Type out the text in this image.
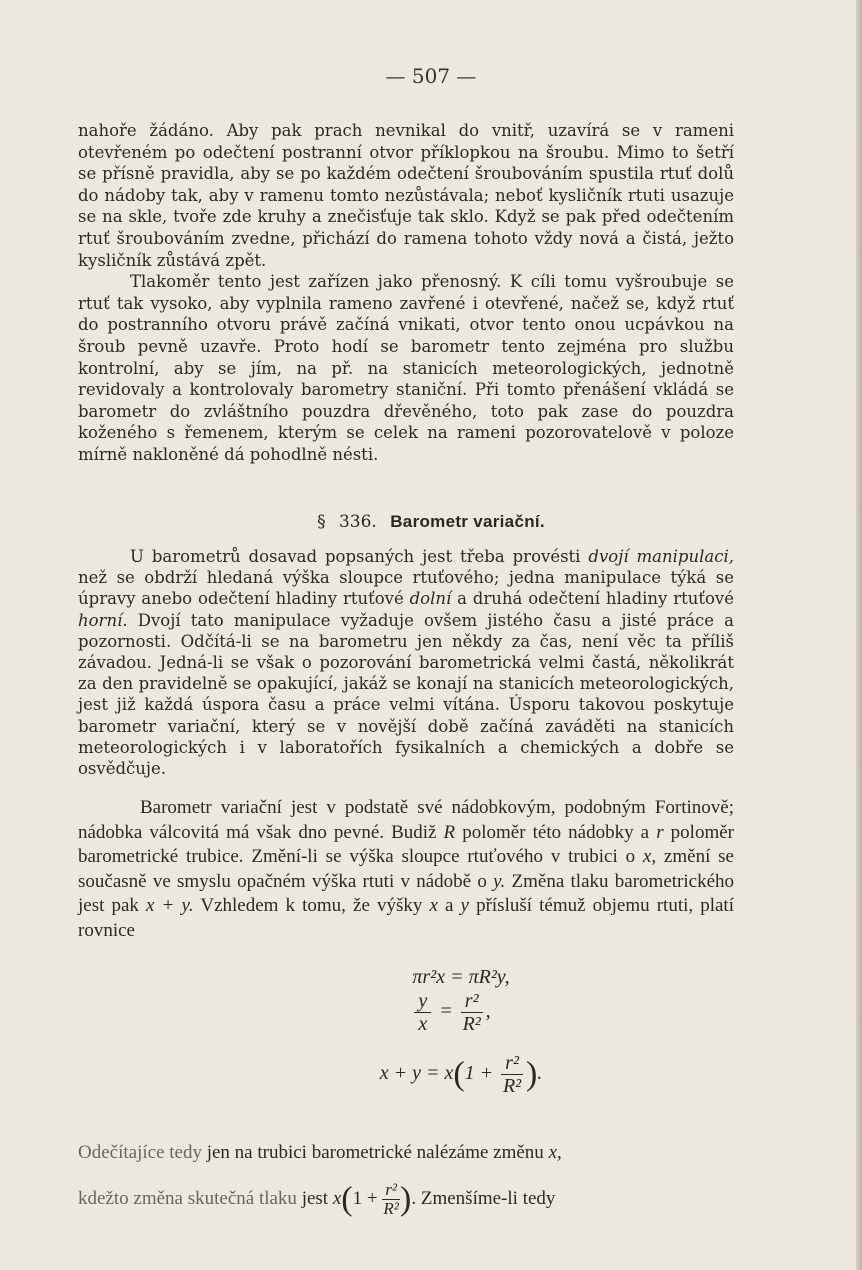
— 507 —
nahoře žádáno. Aby pak prach nevnikal do vnitř, uzavírá se v rameni otevřeném po odečtení postranní otvor příklopkou na šroubu. Mimo to šetří se přísně pravidla, aby se po každém odečtení šroubováním spustila rtuť dolů do nádoby tak, aby v ramenu tomto nezůstávala; neboť kysličník rtuti usazuje se na skle, tvoře zde kruhy a znečisťuje tak sklo. Když se pak před odečtením rtuť šroubováním zvedne, přichází do ramena tohoto vždy nová a čistá, ježto kysličník zůstává zpět.
Tlakoměr tento jest zařízen jako přenosný. K cíli tomu vyšroubuje se rtuť tak vysoko, aby vyplnila rameno zavřené i otevřené, načež se, když rtuť do postranního otvoru právě začíná vnikati, otvor tento onou ucpávkou na šroub pevně uzavře. Proto hodí se barometr tento zejména pro službu kontrolní, aby se jím, na př. na stanicích meteorologických, jednotně revidovaly a kontrolovaly barometry staniční. Při tomto přenášení vkládá se barometr do zvláštního pouzdra dřevěného, toto pak zase do pouzdra koženého s řemenem, kterým se celek na rameni pozorovatelově v poloze mírně nakloněné dá pohodlně nésti.
§ 336. Barometr variační.
U barometrů dosavad popsaných jest třeba provésti dvojí manipulaci, než se obdrží hledaná výška sloupce rtuťového; jedna manipulace týká se úpravy anebo odečtení hladiny rtuťové dolní a druhá odečtení hladiny rtuťové horní. Dvojí tato manipulace vyžaduje ovšem jistého času a jisté práce a pozornosti. Odčítá-li se na barometru jen někdy za čas, není věc ta příliš závadou. Jedná-li se však o pozorování barometrická velmi častá, několikrát za den pravidelně se opakující, jakáž se konají na stanicích meteorologických, jest již každá úspora času a práce velmi vítána. Úsporu takovou poskytuje barometr variační, který se v novější době začíná zaváděti na stanicích meteorologických i v laboratořích fysikalních a chemických a dobře se osvědčuje.
Barometr variační jest v podstatě své nádobkovým, podobným Fortinově; nádobka válcovitá má však dno pevné. Budiž R poloměr této nádobky a r poloměr barometrické trubice. Změní-li se výška sloupce rtuťového v trubici o x, změní se současně ve smyslu opačném výška rtuti v nádobě o y. Změna tlaku barometrického jest pak x + y. Vzhledem k tomu, že výšky x a y přísluší témuž objemu rtuti, platí rovnice
πr²x = πR²y,
$\frac{y}{x} = \frac{\text{r²}}{\text{R²}}$ ,
$x + y = x(1 + \frac{\text{r²}}{\text{R²}}$ ).
Odečítajíce tedy jen na trubici barometrické nalézáme změnu x,
kdežto změna skutečná tlaku jest $x(1 + \frac{\text{r²}}{\text{R²}}$ ). Zmenšíme-li tedy
